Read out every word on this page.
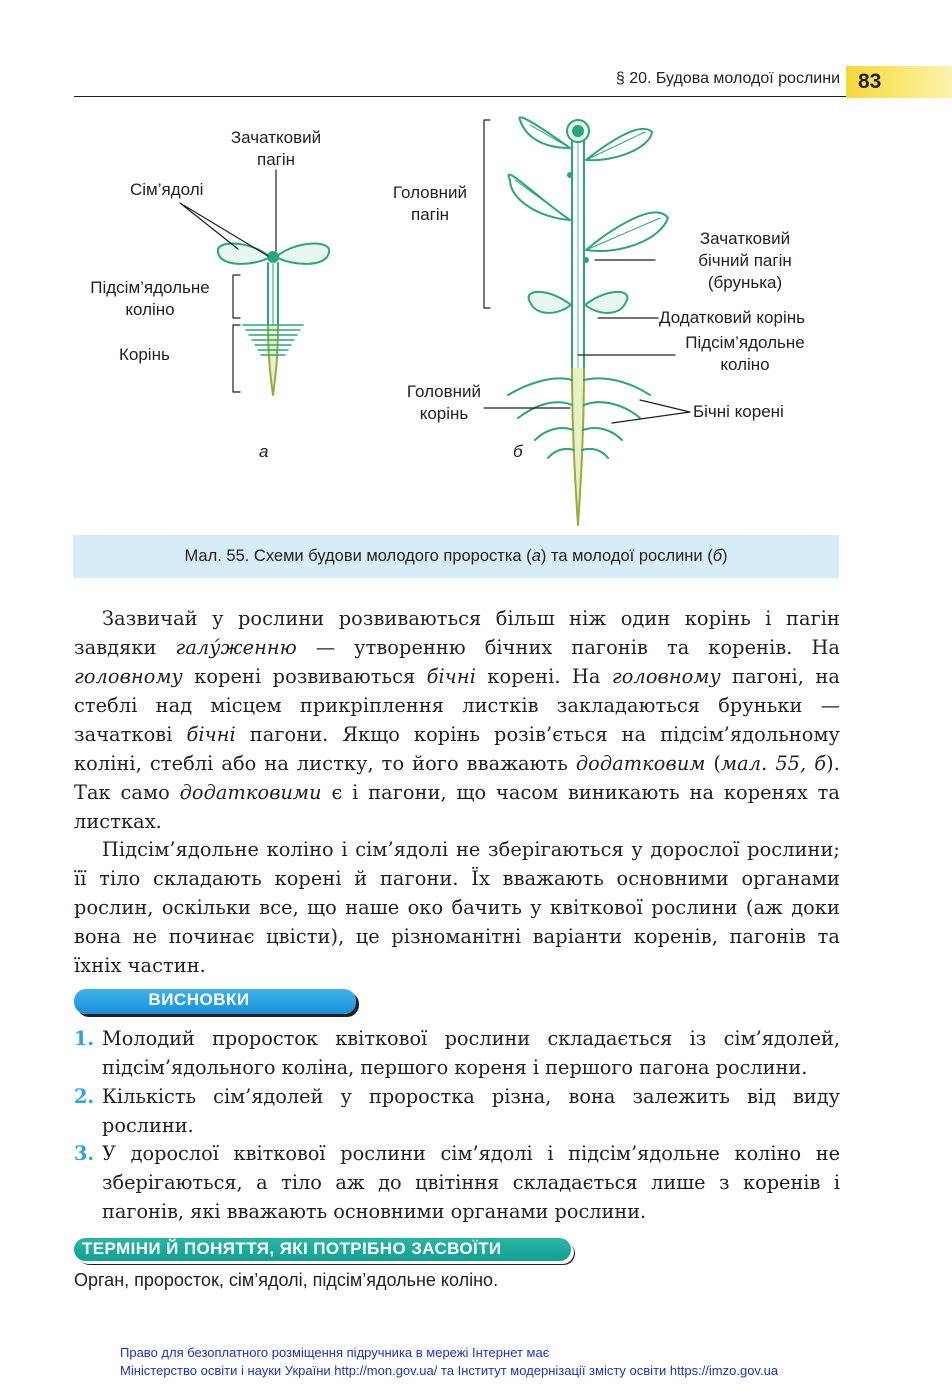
§ 20. Будова молодої рослини 83
Зачатковий
пагін
Сім’ядолі
Підсім’ядольне
коліно
Корінь
а
Головний
пагін
Зачатковий
бічний пагін
(брунька)
Додатковий корінь
Підсім’ядольне
коліно
Головний
корінь	Бічні корені
б
Мал. 55. Схеми будови молодого проростка (а) та молодої рослини (б)
Зазвичай у рослини розвиваються більш ніж один корінь і пагін завдяки галу́женню — утворенню бічних пагонів та коренів. На головному корені розвиваються бічні корені. На головному пагоні, на стеблі над місцем прикріплення листків закладаються бруньки — зачаткові бічні пагони. Якщо корінь розів’ється на підсім’ядольному коліні, стеблі або на листку, то його вважають додатковим (мал. 55, б). Так само додатковими є і пагони, що часом виникають на коренях та листках.
Підсім’ядольне коліно і сім’ядолі не зберігаються у дорослої рослини; її тіло складають корені й пагони. Їх вважають основними органами рослин, оскільки все, що наше око бачить у квіткової рослини (аж доки вона не починає цвісти), це різноманітні варіанти коренів, пагонів та їхніх частин.
ВИСНОВКИ
1. Молодий проросток квіткової рослини складається із сім’ядолей, підсім’ядольного коліна, першого кореня і першого пагона рослини.
2. Кількість сім’ядолей у проростка різна, вона залежить від виду рослини.
3. У дорослої квіткової рослини сім’ядолі і підсім’ядольне коліно не зберігаються, а тіло аж до цвітіння складається лише з коренів і пагонів, які вважають основними органами рослини.
ТЕРМІНИ Й ПОНЯТТЯ, ЯКІ ПОТРІБНО ЗАСВОЇТИ
Орган, проросток, сім’ядолі, підсім’ядольне коліно.
Право для безоплатного розміщення підручника в мережі Інтернет має
Міністерство освіти і науки України http://mon.gov.ua/ та Інститут модернізації змісту освіти https://imzo.gov.ua
